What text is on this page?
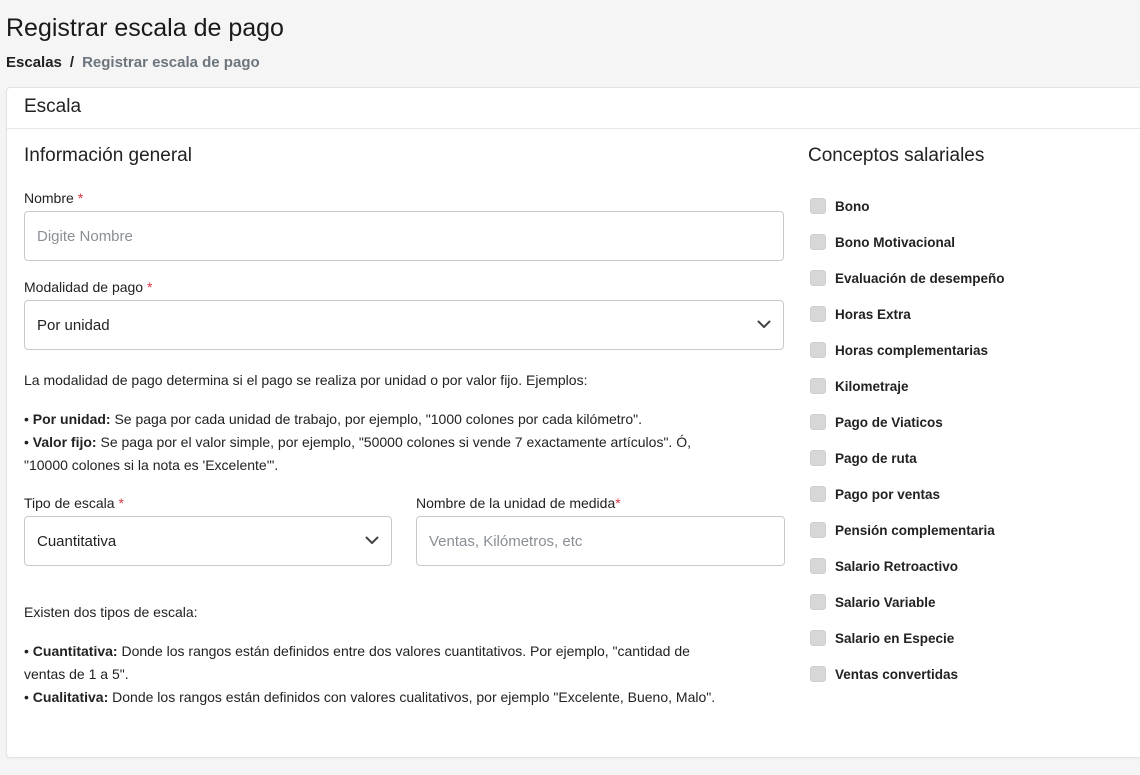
Registrar escala de pago
Escalas / Registrar escala de pago
Escala
Información general
Nombre *
Digite Nombre
Modalidad de pago *
Por unidad
La modalidad de pago determina si el pago se realiza por unidad o por valor fijo. Ejemplos:
• Por unidad: Se paga por cada unidad de trabajo, por ejemplo, "1000 colones por cada kilómetro".
• Valor fijo: Se paga por el valor simple, por ejemplo, "50000 colones si vende 7 exactamente artículos". Ó,
"10000 colones si la nota es 'Excelente'".
Tipo de escala *
Cuantitativa
Nombre de la unidad de medida*
Ventas, Kilómetros, etc
Existen dos tipos de escala:
• Cuantitativa: Donde los rangos están definidos entre dos valores cuantitativos. Por ejemplo, "cantidad de
ventas de 1 a 5".
• Cualitativa: Donde los rangos están definidos con valores cualitativos, por ejemplo "Excelente, Bueno, Malo".
Conceptos salariales
Bono
Bono Motivacional
Evaluación de desempeño
Horas Extra
Horas complementarias
Kilometraje
Pago de Viaticos
Pago de ruta
Pago por ventas
Pensión complementaria
Salario Retroactivo
Salario Variable
Salario en Especie
Ventas convertidas
